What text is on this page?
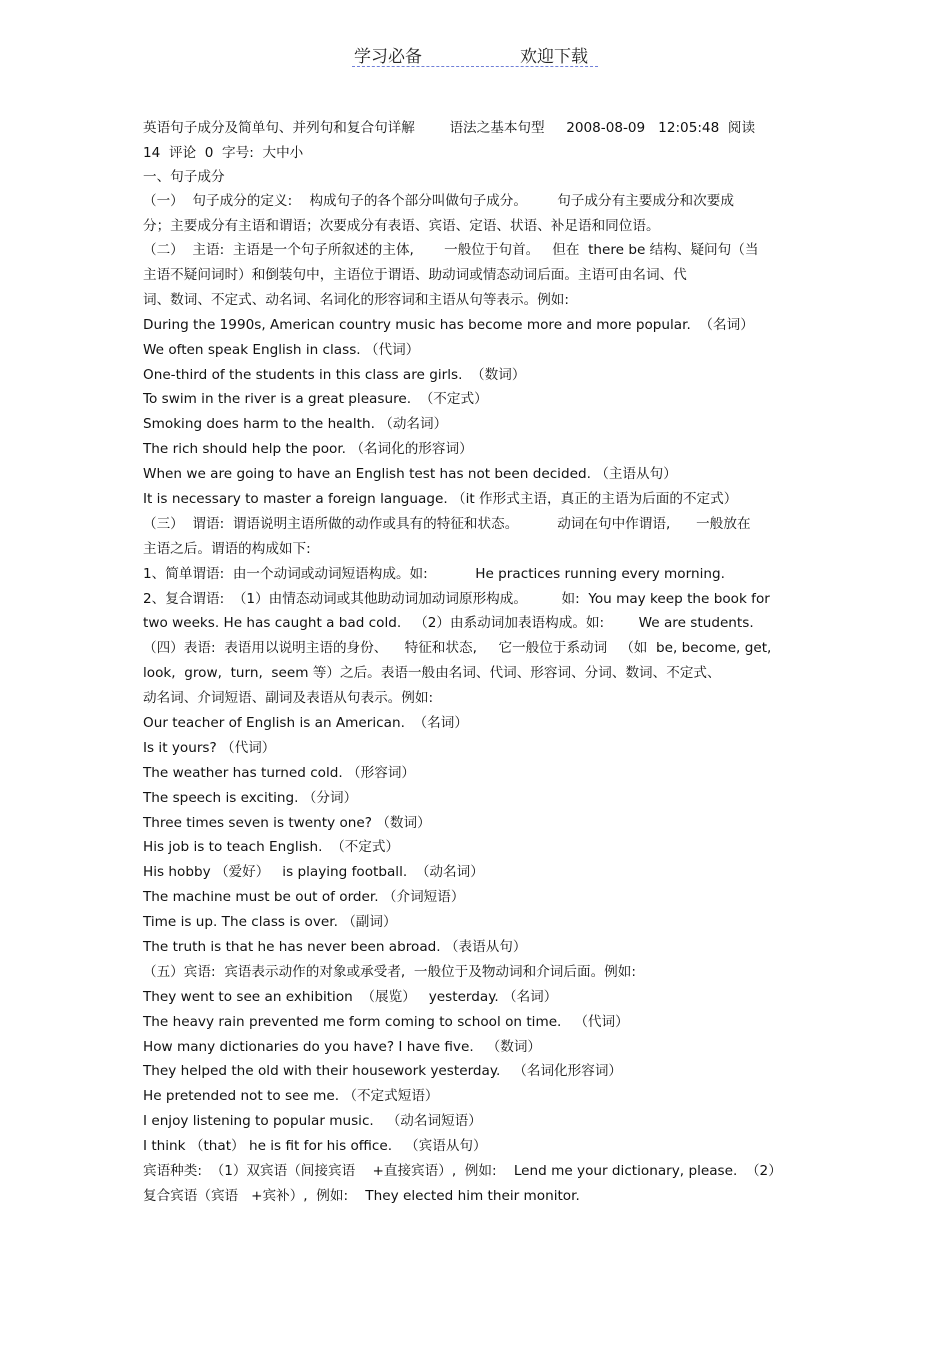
学习必备	欢迎下载
英语句子成分及简单句、并列句和复合句详解        语法之基本句型     2008-08-09   12:05:48  阅读
14  评论  0  字号:  大中小
一、句子成分
（一）  句子成分的定义:    构成句子的各个部分叫做句子成分。       句子成分有主要成分和次要成
分；主要成分有主语和谓语；次要成分有表语、宾语、定语、状语、补足语和同位语。
（二）  主语:  主语是一个句子所叙述的主体,       一般位于句首。   但在  there be 结构、疑问句（当
主语不疑问词时）和倒装句中，主语位于谓语、助动词或情态动词后面。主语可由名词、代
词、数词、不定式、动名词、名词化的形容词和主语从句等表示。例如:
During the 1990s, American country music has become more and more popular.  （名词）
We often speak English in class. （代词）
One-third of the students in this class are girls.  （数词）
To swim in the river is a great pleasure.  （不定式）
Smoking does harm to the health. （动名词）
The rich should help the poor. （名词化的形容词）
When we are going to have an English test has not been decided. （主语从句）
It is necessary to master a foreign language. （it 作形式主语，真正的主语为后面的不定式）
（三）  谓语:  谓语说明主语所做的动作或具有的特征和状态。         动词在句中作谓语,      一般放在
主语之后。谓语的构成如下:
1、简单谓语:  由一个动词或动词短语构成。如:           He practices running every morning.
2、复合谓语:  （1）由情态动词或其他助动词加动词原形构成。        如:  You may keep the book for
two weeks. He has caught a bad cold.   （2）由系动词加表语构成。如:        We are students.
（四）表语:  表语用以说明主语的身份、    特征和状态,     它一般位于系动词   （如  be, become, get,
look,  grow,  turn,  seem 等）之后。表语一般由名词、代词、形容词、分词、数词、不定式、
动名词、介词短语、副词及表语从句表示。例如:
Our teacher of English is an American.  （名词）
Is it yours? （代词）
The weather has turned cold. （形容词）
The speech is exciting. （分词）
Three times seven is twenty one? （数词）
His job is to teach English.  （不定式）
His hobby （爱好）   is playing football.  （动名词）
The machine must be out of order. （介词短语）
Time is up. The class is over. （副词）
The truth is that he has never been abroad. （表语从句）
（五）宾语:  宾语表示动作的对象或承受者,  一般位于及物动词和介词后面。例如:
They went to see an exhibition  （展览）   yesterday. （名词）
The heavy rain prevented me form coming to school on time.   （代词）
How many dictionaries do you have? I have five.   （数词）
They helped the old with their housework yesterday.   （名词化形容词）
He pretended not to see me. （不定式短语）
I enjoy listening to popular music.   （动名词短语）
I think （that） he is fit for his office.   （宾语从句）
宾语种类:  （1）双宾语（间接宾语    +直接宾语）,  例如:    Lend me your dictionary, please.  （2）
复合宾语（宾语   +宾补）,  例如:    They elected him their monitor.
